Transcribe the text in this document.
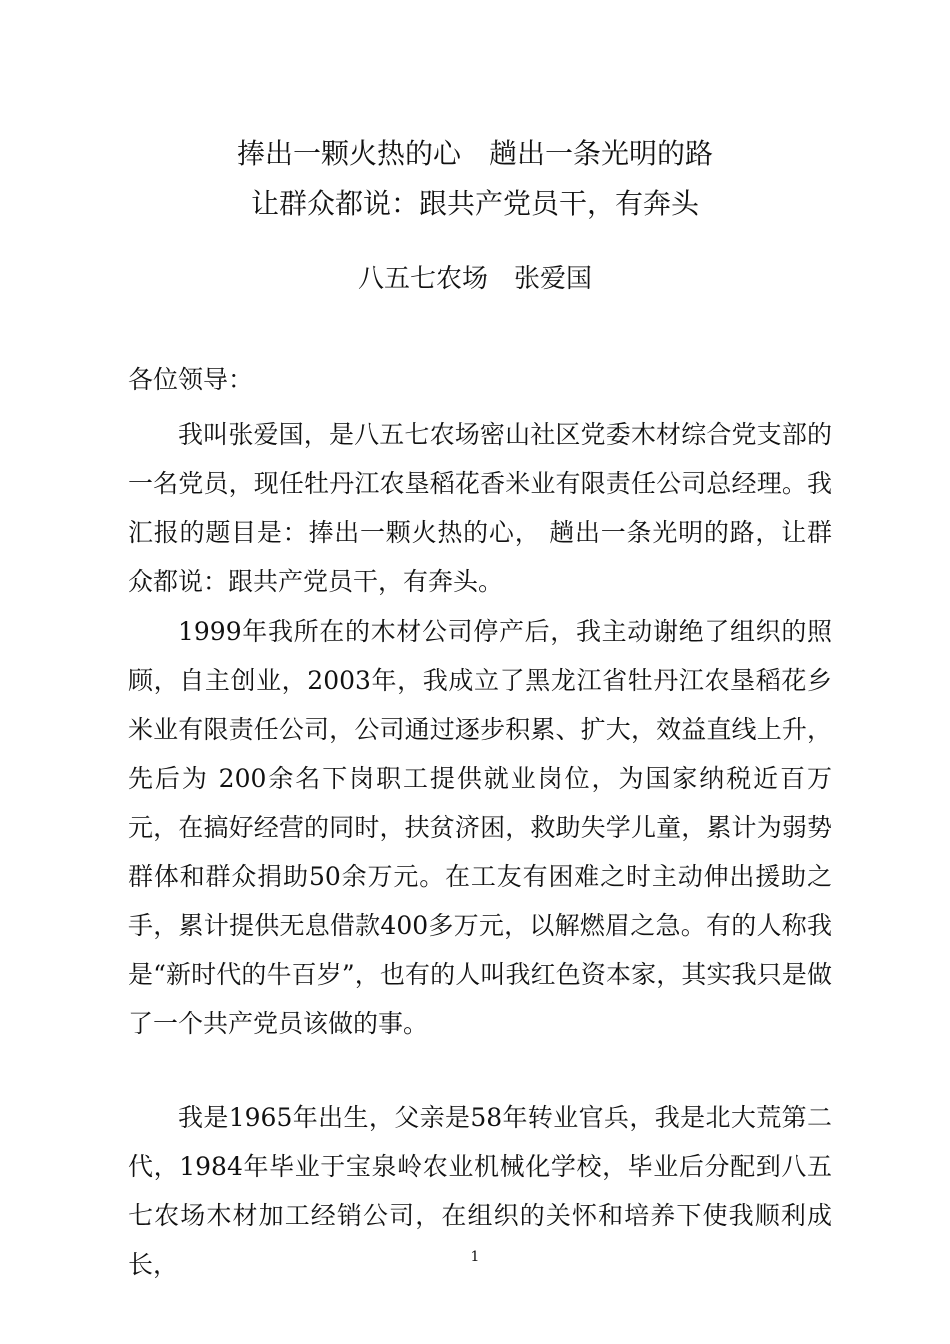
捧出一颗火热的心　趟出一条光明的路
让群众都说：跟共产党员干，有奔头
八五七农场　张爱国
各位领导：

我叫张爱国，是八五七农场密山社区党委木材综合党支部的一名党员，现任牡丹江农垦稻花香米业有限责任公司总经理。我汇报的题目是：捧出一颗火热的心， 趟出一条光明的路，让群众都说：跟共产党员干，有奔头。

1999年我所在的木材公司停产后，我主动谢绝了组织的照顾，自主创业，2003年，我成立了黑龙江省牡丹江农垦稻花乡米业有限责任公司，公司通过逐步积累、扩大，效益直线上升，先后为 200余名下岗职工提供就业岗位，为国家纳税近百万元，在搞好经营的同时，扶贫济困，救助失学儿童，累计为弱势群体和群众捐助50余万元。在工友有困难之时主动伸出援助之手，累计提供无息借款400多万元，以解燃眉之急。有的人称我是“新时代的牛百岁”，也有的人叫我红色资本家，其实我只是做了一个共产党员该做的事。

我是1965年出生，父亲是58年转业官兵，我是北大荒第二代，1984年毕业于宝泉岭农业机械化学校，毕业后分配到八五七农场木材加工经销公司，在组织的关怀和培养下使我顺利成长，	1
